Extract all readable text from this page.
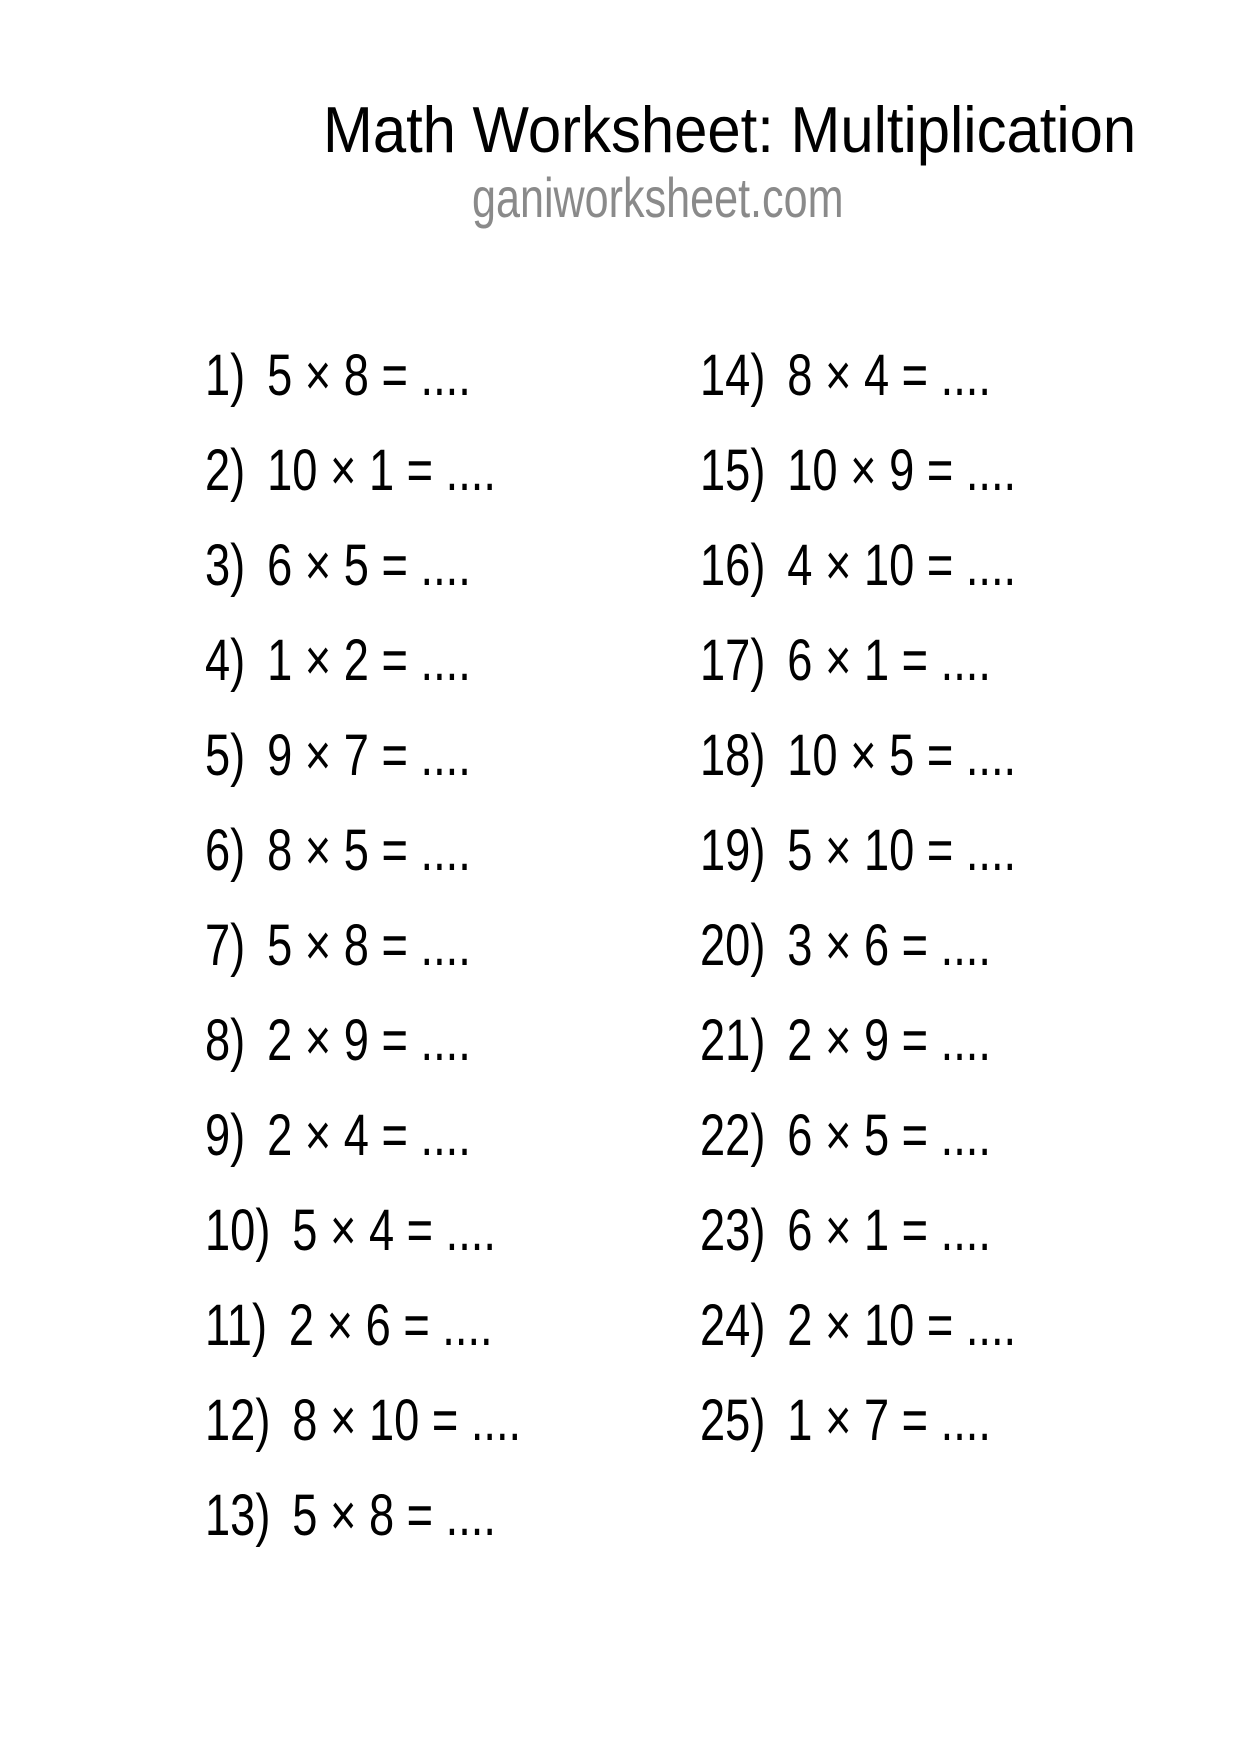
Math Worksheet: Multiplication
ganiworksheet.com
1) 5 × 8 = ....
2) 10 × 1 = ....
3) 6 × 5 = ....
4) 1 × 2 = ....
5) 9 × 7 = ....
6) 8 × 5 = ....
7) 5 × 8 = ....
8) 2 × 9 = ....
9) 2 × 4 = ....
10) 5 × 4 = ....
11) 2 × 6 = ....
12) 8 × 10 = ....
13) 5 × 8 = ....
14) 8 × 4 = ....
15) 10 × 9 = ....
16) 4 × 10 = ....
17) 6 × 1 = ....
18) 10 × 5 = ....
19) 5 × 10 = ....
20) 3 × 6 = ....
21) 2 × 9 = ....
22) 6 × 5 = ....
23) 6 × 1 = ....
24) 2 × 10 = ....
25) 1 × 7 = ....
